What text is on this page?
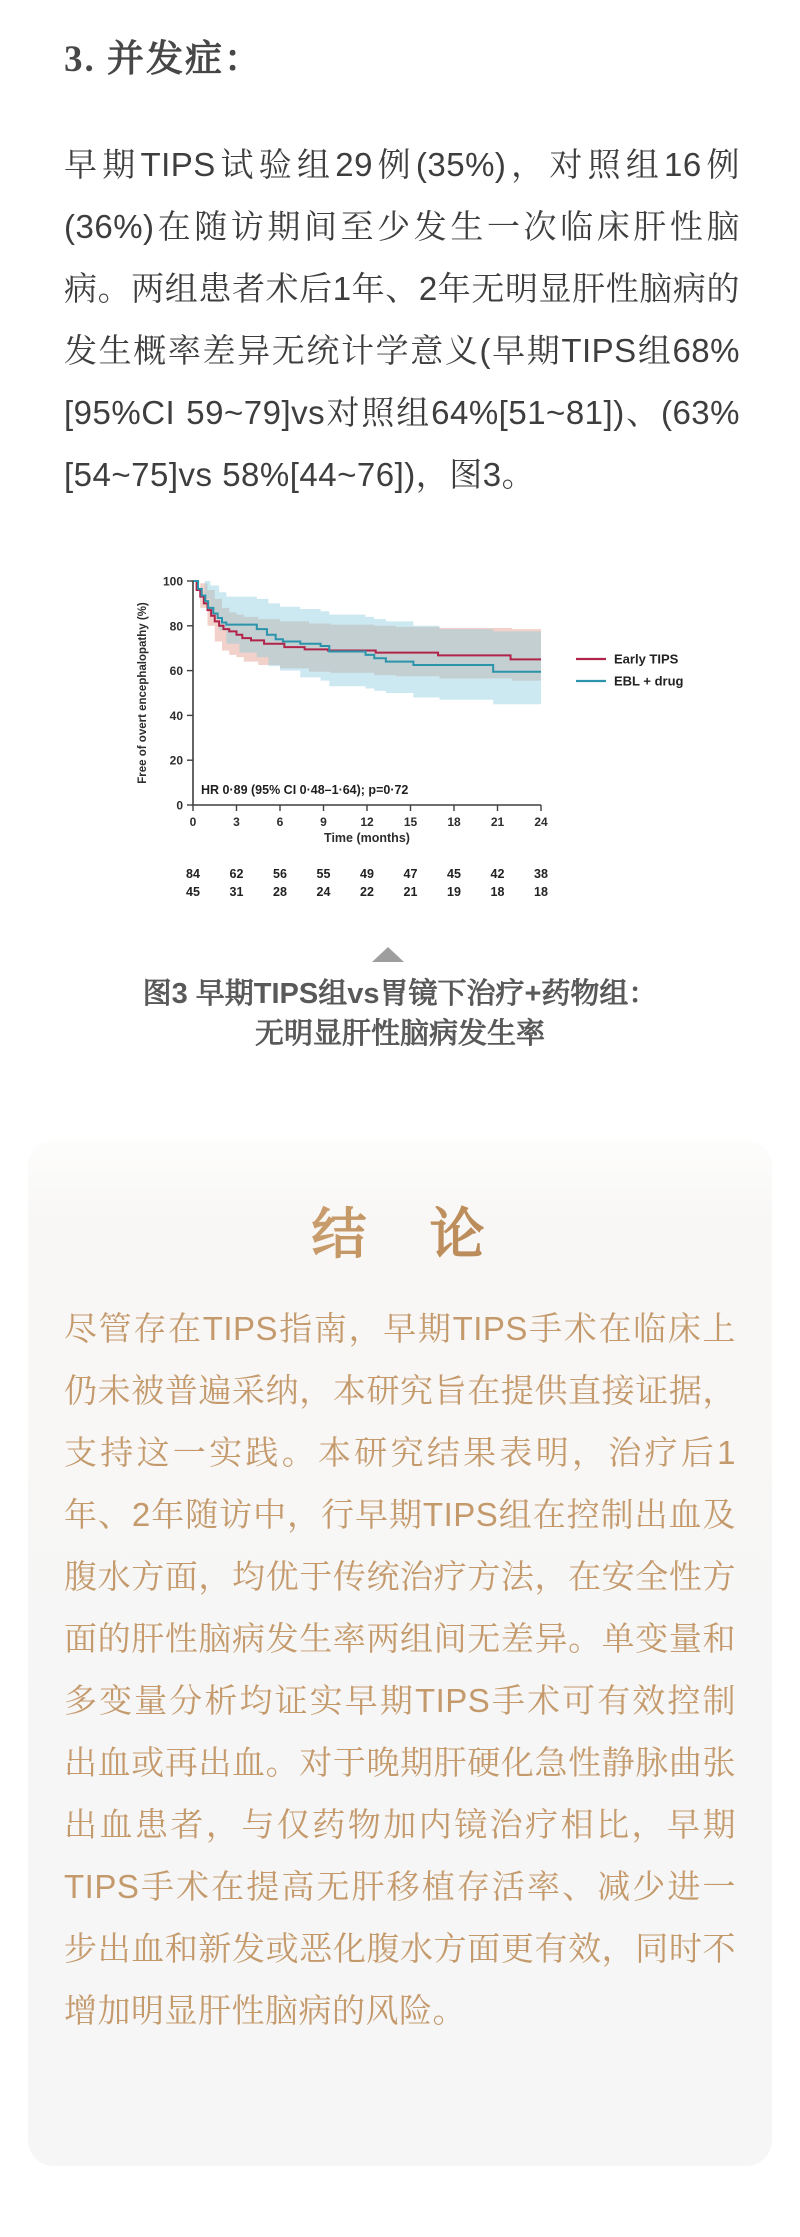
3. 并发症：
早期TIPS试验组29例(35%)，对照组16例(36%)在随访期间至少发生一次临床肝性脑病。两组患者术后1年、2年无明显肝性脑病的发生概率差异无统计学意义(早期TIPS组68% [95%CI 59~79]vs对照组64%[51~81])、(63% [54~75]vs 58%[44~76])，图3。
100
80
60
40
20
0
0	3	6	9	12	15	18	21	24
Free of overt encephalopathy (%)
Time (months)
HR 0·89 (95% CI 0·48–1·64); p=0·72
Early TIPS
EBL + drug
84 62 56 55 49 47 45 42 38
45 31 28 24 22 21 19 18 18
图3 早期TIPS组vs胃镜下治疗+药物组：
无明显肝性脑病发生率
结　论
尽管存在TIPS指南，早期TIPS手术在临床上仍未被普遍采纳，本研究旨在提供直接证据，支持这一实践。本研究结果表明，治疗后1年、2年随访中，行早期TIPS组在控制出血及腹水方面，均优于传统治疗方法，在安全性方面的肝性脑病发生率两组间无差异。单变量和多变量分析均证实早期TIPS手术可有效控制出血或再出血。对于晚期肝硬化急性静脉曲张出血患者，与仅药物加内镜治疗相比，早期TIPS手术在提高无肝移植存活率、减少进一步出血和新发或恶化腹水方面更有效，同时不增加明显肝性脑病的风险。
